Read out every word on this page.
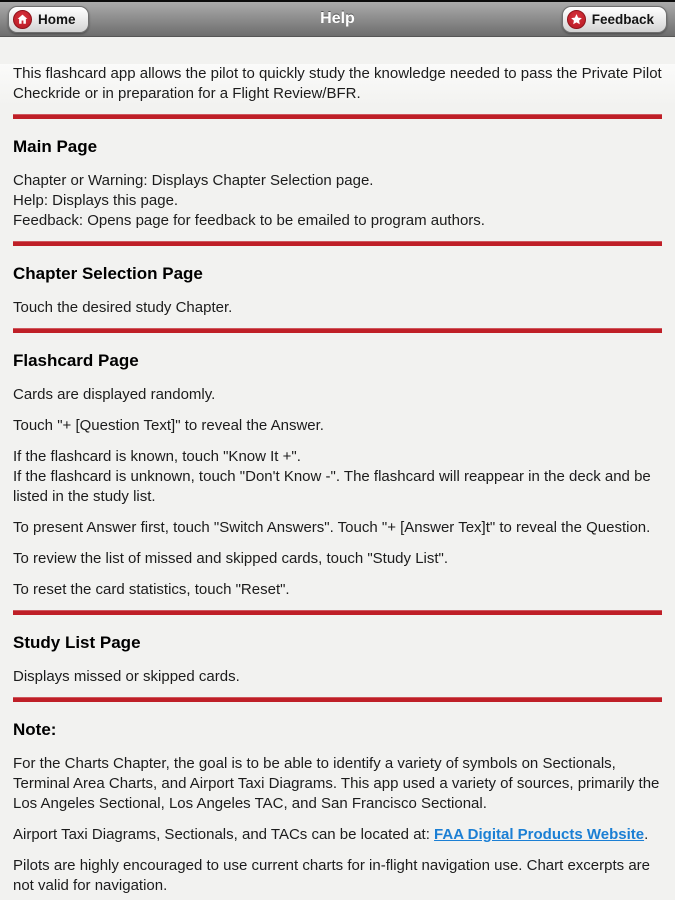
Home	Help	Feedback

This flashcard app allows the pilot to quickly study the knowledge needed to pass the Private Pilot Checkride or in preparation for a Flight Review/BFR.

Main Page
Chapter or Warning: Displays Chapter Selection page.
Help: Displays this page.
Feedback: Opens page for feedback to be emailed to program authors.
Chapter Selection Page

Touch the desired study Chapter.

Flashcard Page

Cards are displayed randomly.

Touch "+ [Question Text]" to reveal the Answer.

If the flashcard is known, touch "Know It +".
If the flashcard is unknown, touch "Don't Know -". The flashcard will reappear in the deck and be listed in the study list.

To present Answer first, touch "Switch Answers". Touch "+ [Answer Tex]t" to reveal the Question.

To review the list of missed and skipped cards, touch "Study List".

To reset the card statistics, touch "Reset".

Study List Page

Displays missed or skipped cards.

Note:

For the Charts Chapter, the goal is to be able to identify a variety of symbols on Sectionals, Terminal Area Charts, and Airport Taxi Diagrams. This app used a variety of sources, primarily the Los Angeles Sectional, Los Angeles TAC, and San Francisco Sectional.

Airport Taxi Diagrams, Sectionals, and TACs can be located at: FAA Digital Products Website.

Pilots are highly encouraged to use current charts for in-flight navigation use. Chart excerpts are not valid for navigation.
